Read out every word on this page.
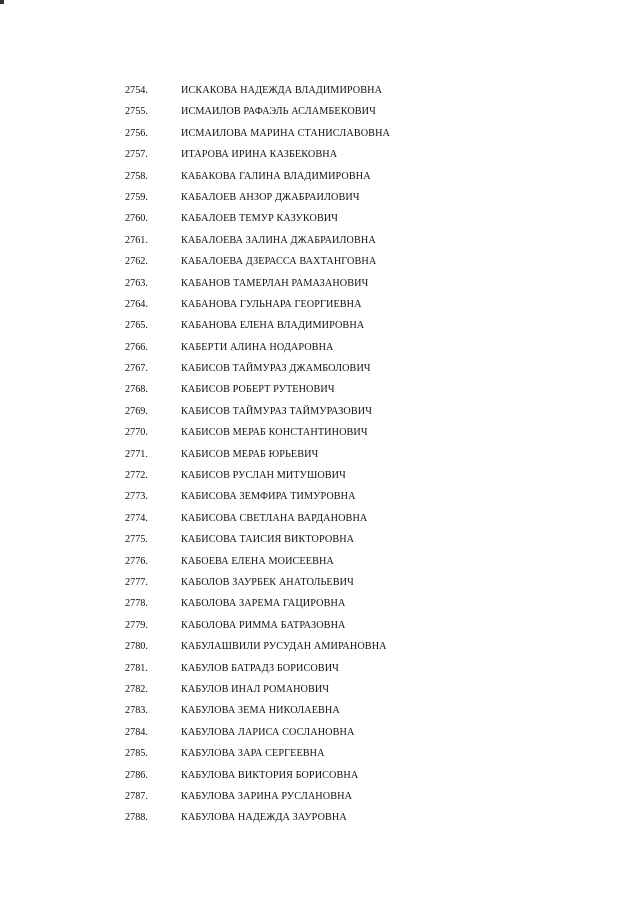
2754.	ИСКАКОВА НАДЕЖДА ВЛАДИМИРОВНА
2755.	ИСМАИЛОВ РАФАЭЛЬ АСЛАМБЕКОВИЧ
2756.	ИСМАИЛОВА МАРИНА СТАНИСЛАВОВНА
2757.	ИТАРОВА ИРИНА КАЗБЕКОВНА
2758.	КАБАКОВА ГАЛИНА ВЛАДИМИРОВНА
2759.	КАБАЛОЕВ АНЗОР ДЖАБРАИЛОВИЧ
2760.	КАБАЛОЕВ ТЕМУР КАЗУКОВИЧ
2761.	КАБАЛОЕВА ЗАЛИНА ДЖАБРАИЛОВНА
2762.	КАБАЛОЕВА ДЗЕРАССА ВАХТАНГОВНА
2763.	КАБАНОВ ТАМЕРЛАН РАМАЗАНОВИЧ
2764.	КАБАНОВА ГУЛЬНАРА ГЕОРГИЕВНА
2765.	КАБАНОВА ЕЛЕНА ВЛАДИМИРОВНА
2766.	КАБЕРТИ АЛИНА НОДАРОВНА
2767.	КАБИСОВ ТАЙМУРАЗ ДЖАМБОЛОВИЧ
2768.	КАБИСОВ РОБЕРТ РУТЕНОВИЧ
2769.	КАБИСОВ ТАЙМУРАЗ ТАЙМУРАЗОВИЧ
2770.	КАБИСОВ МЕРАБ КОНСТАНТИНОВИЧ
2771.	КАБИСОВ МЕРАБ ЮРЬЕВИЧ
2772.	КАБИСОВ РУСЛАН МИТУШОВИЧ
2773.	КАБИСОВА ЗЕМФИРА ТИМУРОВНА
2774.	КАБИСОВА СВЕТЛАНА ВАРДАНОВНА
2775.	КАБИСОВА ТАИСИЯ ВИКТОРОВНА
2776.	КАБОЕВА ЕЛЕНА МОИСЕЕВНА
2777.	КАБОЛОВ ЗАУРБЕК АНАТОЛЬЕВИЧ
2778.	КАБОЛОВА ЗАРЕМА ГАЦИРОВНА
2779.	КАБОЛОВА РИММА БАТРАЗОВНА
2780.	КАБУЛАШВИЛИ РУСУДАН АМИРАНОВНА
2781.	КАБУЛОВ БАТРАДЗ БОРИСОВИЧ
2782.	КАБУЛОВ ИНАЛ РОМАНОВИЧ
2783.	КАБУЛОВА ЗЕМА НИКОЛАЕВНА
2784.	КАБУЛОВА ЛАРИСА СОСЛАНОВНА
2785.	КАБУЛОВА ЗАРА СЕРГЕЕВНА
2786.	КАБУЛОВА ВИКТОРИЯ БОРИСОВНА
2787.	КАБУЛОВА ЗАРИНА РУСЛАНОВНА
2788.	КАБУЛОВА НАДЕЖДА ЗАУРОВНА
